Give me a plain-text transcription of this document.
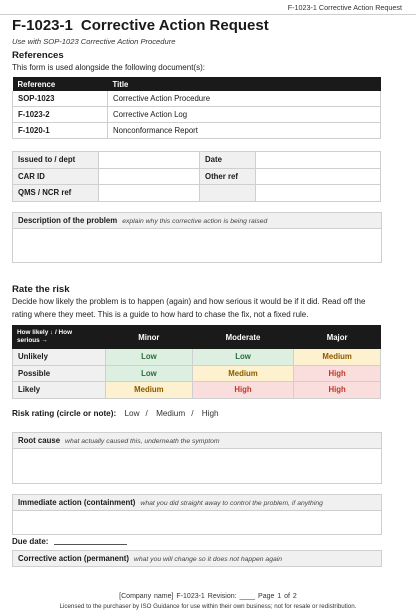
F-1023-1 Corrective Action Request
F-1023-1 Corrective Action Request
Use with SOP-1023 Corrective Action Procedure
References
This form is used alongside the following document(s):
Reference	Title
SOP-1023	Corrective Action Procedure
F-1023-2	Corrective Action Log
F-1020-1	Nonconformance Report
Issued to / dept		Date	
CAR ID		Other ref	
QMS / NCR ref			
Description of the problem explain why this corrective action is being raised
Rate the risk
Decide how likely the problem is to happen (again) and how serious it would be if it did. Read off the
rating where they meet. This is a guide to how hard to chase the fix, not a fixed rule.
How likely ↓ / How
serious →	Minor	Moderate	Major
Unlikely	Low	Low	Medium
Possible	Low	Medium	High
Likely	Medium	High	High
Risk rating (circle or note): Low / Medium / High
Root cause what actually caused this, underneath the symptom
Immediate action (containment) what you did straight away to control the problem, if anything
Due date:
Corrective action (permanent) what you will change so it does not happen again
[Company name] F-1023-1 Revision: ____ Page 1 of 2
Licensed to the purchaser by ISO Guidance for use within their own business; not for resale or redistribution.
